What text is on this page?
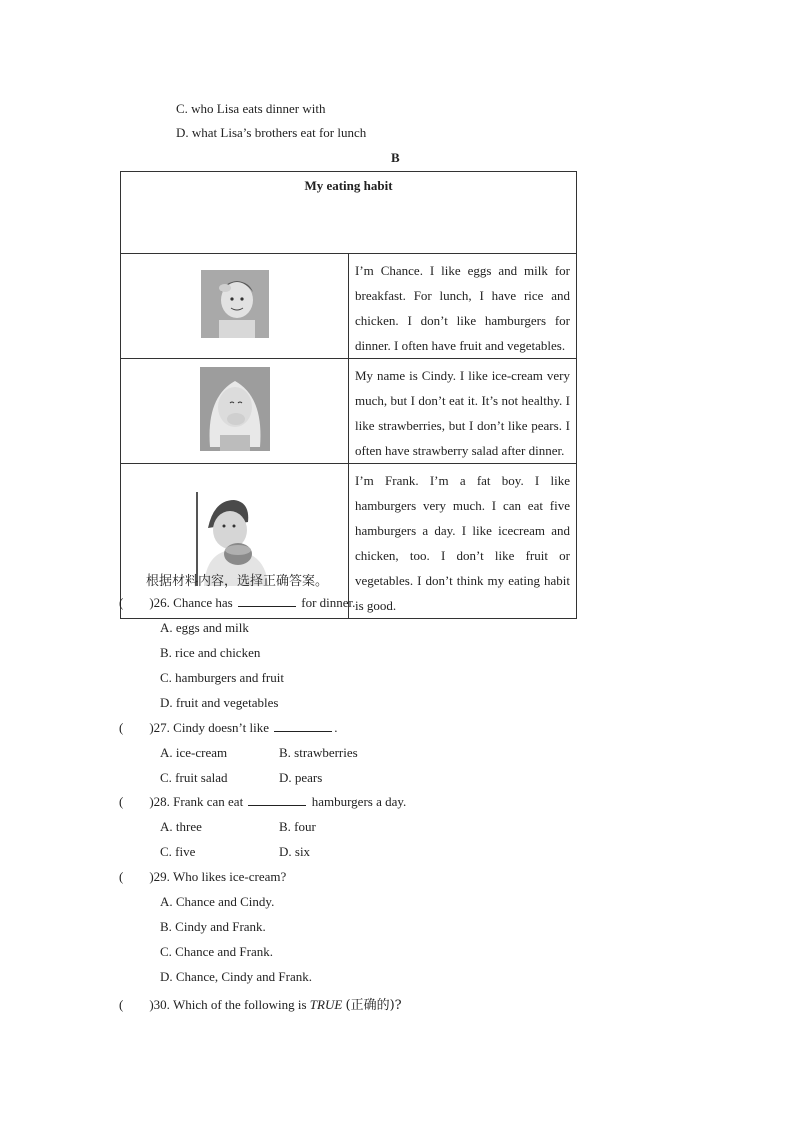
C. who Lisa eats dinner with
D. what Lisa’s brothers eat for lunch
B
My eating habit	
	I’m Chance. I like eggs and milk for breakfast. For lunch, I have rice and chicken. I don’t like hamburgers for dinner. I often have fruit and vegetables.
	My name is Cindy. I like ice-cream very much, but I don’t eat it. It’s not healthy. I like strawberries, but I don’t like pears. I often have strawberry salad after dinner.
	I’m Frank. I’m a fat boy. I like hamburgers very much. I can eat five hamburgers a day. I like icecream and chicken, too. I don’t like fruit or vegetables. I don’t think my eating habit is good.
根据材料内容，选择正确答案。
(        )26. Chance has	for dinner.
A. eggs and milk
B. rice and chicken
C. hamburgers and fruit
D. fruit and vegetables
(        )27. Cindy doesn’t like	.
A. ice-cream	B. strawberries
C. fruit salad	D. pears
(        )28. Frank can eat	hamburgers a day.
A. three	B. four
C. five	D. six
(        )29. Who likes ice-cream?
A. Chance and Cindy.
B. Cindy and Frank.
C. Chance and Frank.
D. Chance, Cindy and Frank.
(        )30. Which of the following is TRUE (正确的)?
